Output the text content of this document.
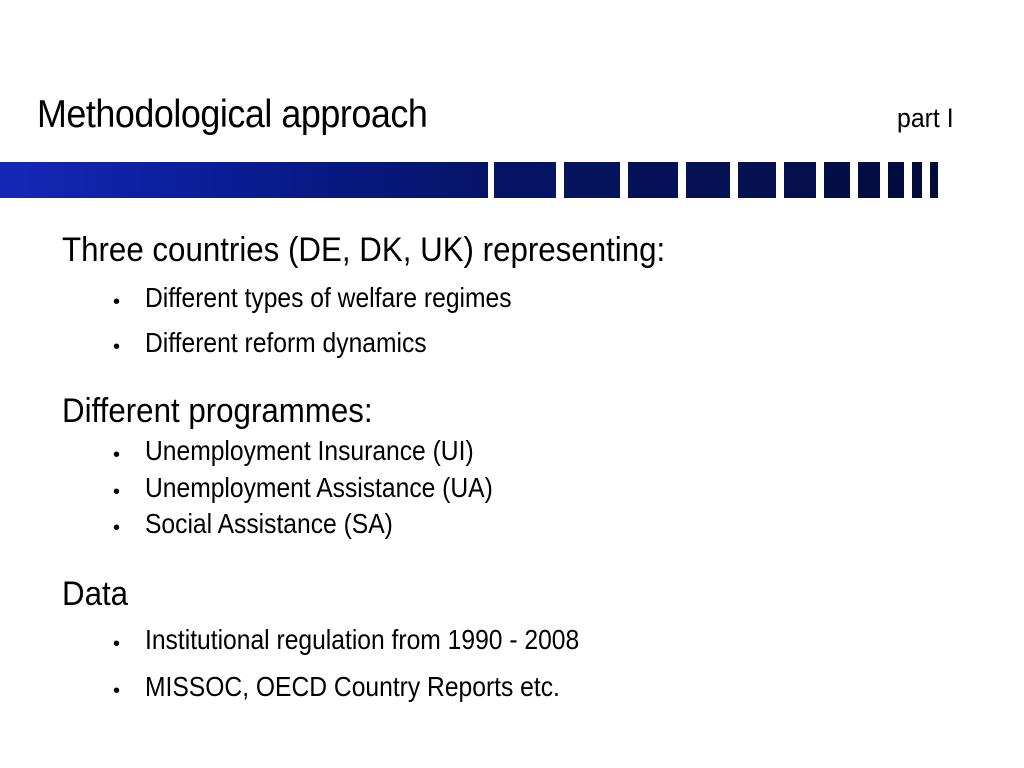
Methodological approach	part I
Three countries (DE, DK, UK) representing:
• Different types of welfare regimes
• Different reform dynamics
Different programmes:
• Unemployment Insurance (UI)
• Unemployment Assistance (UA)
• Social Assistance (SA)
Data
• Institutional regulation from 1990 - 2008
• MISSOC, OECD Country Reports etc.
